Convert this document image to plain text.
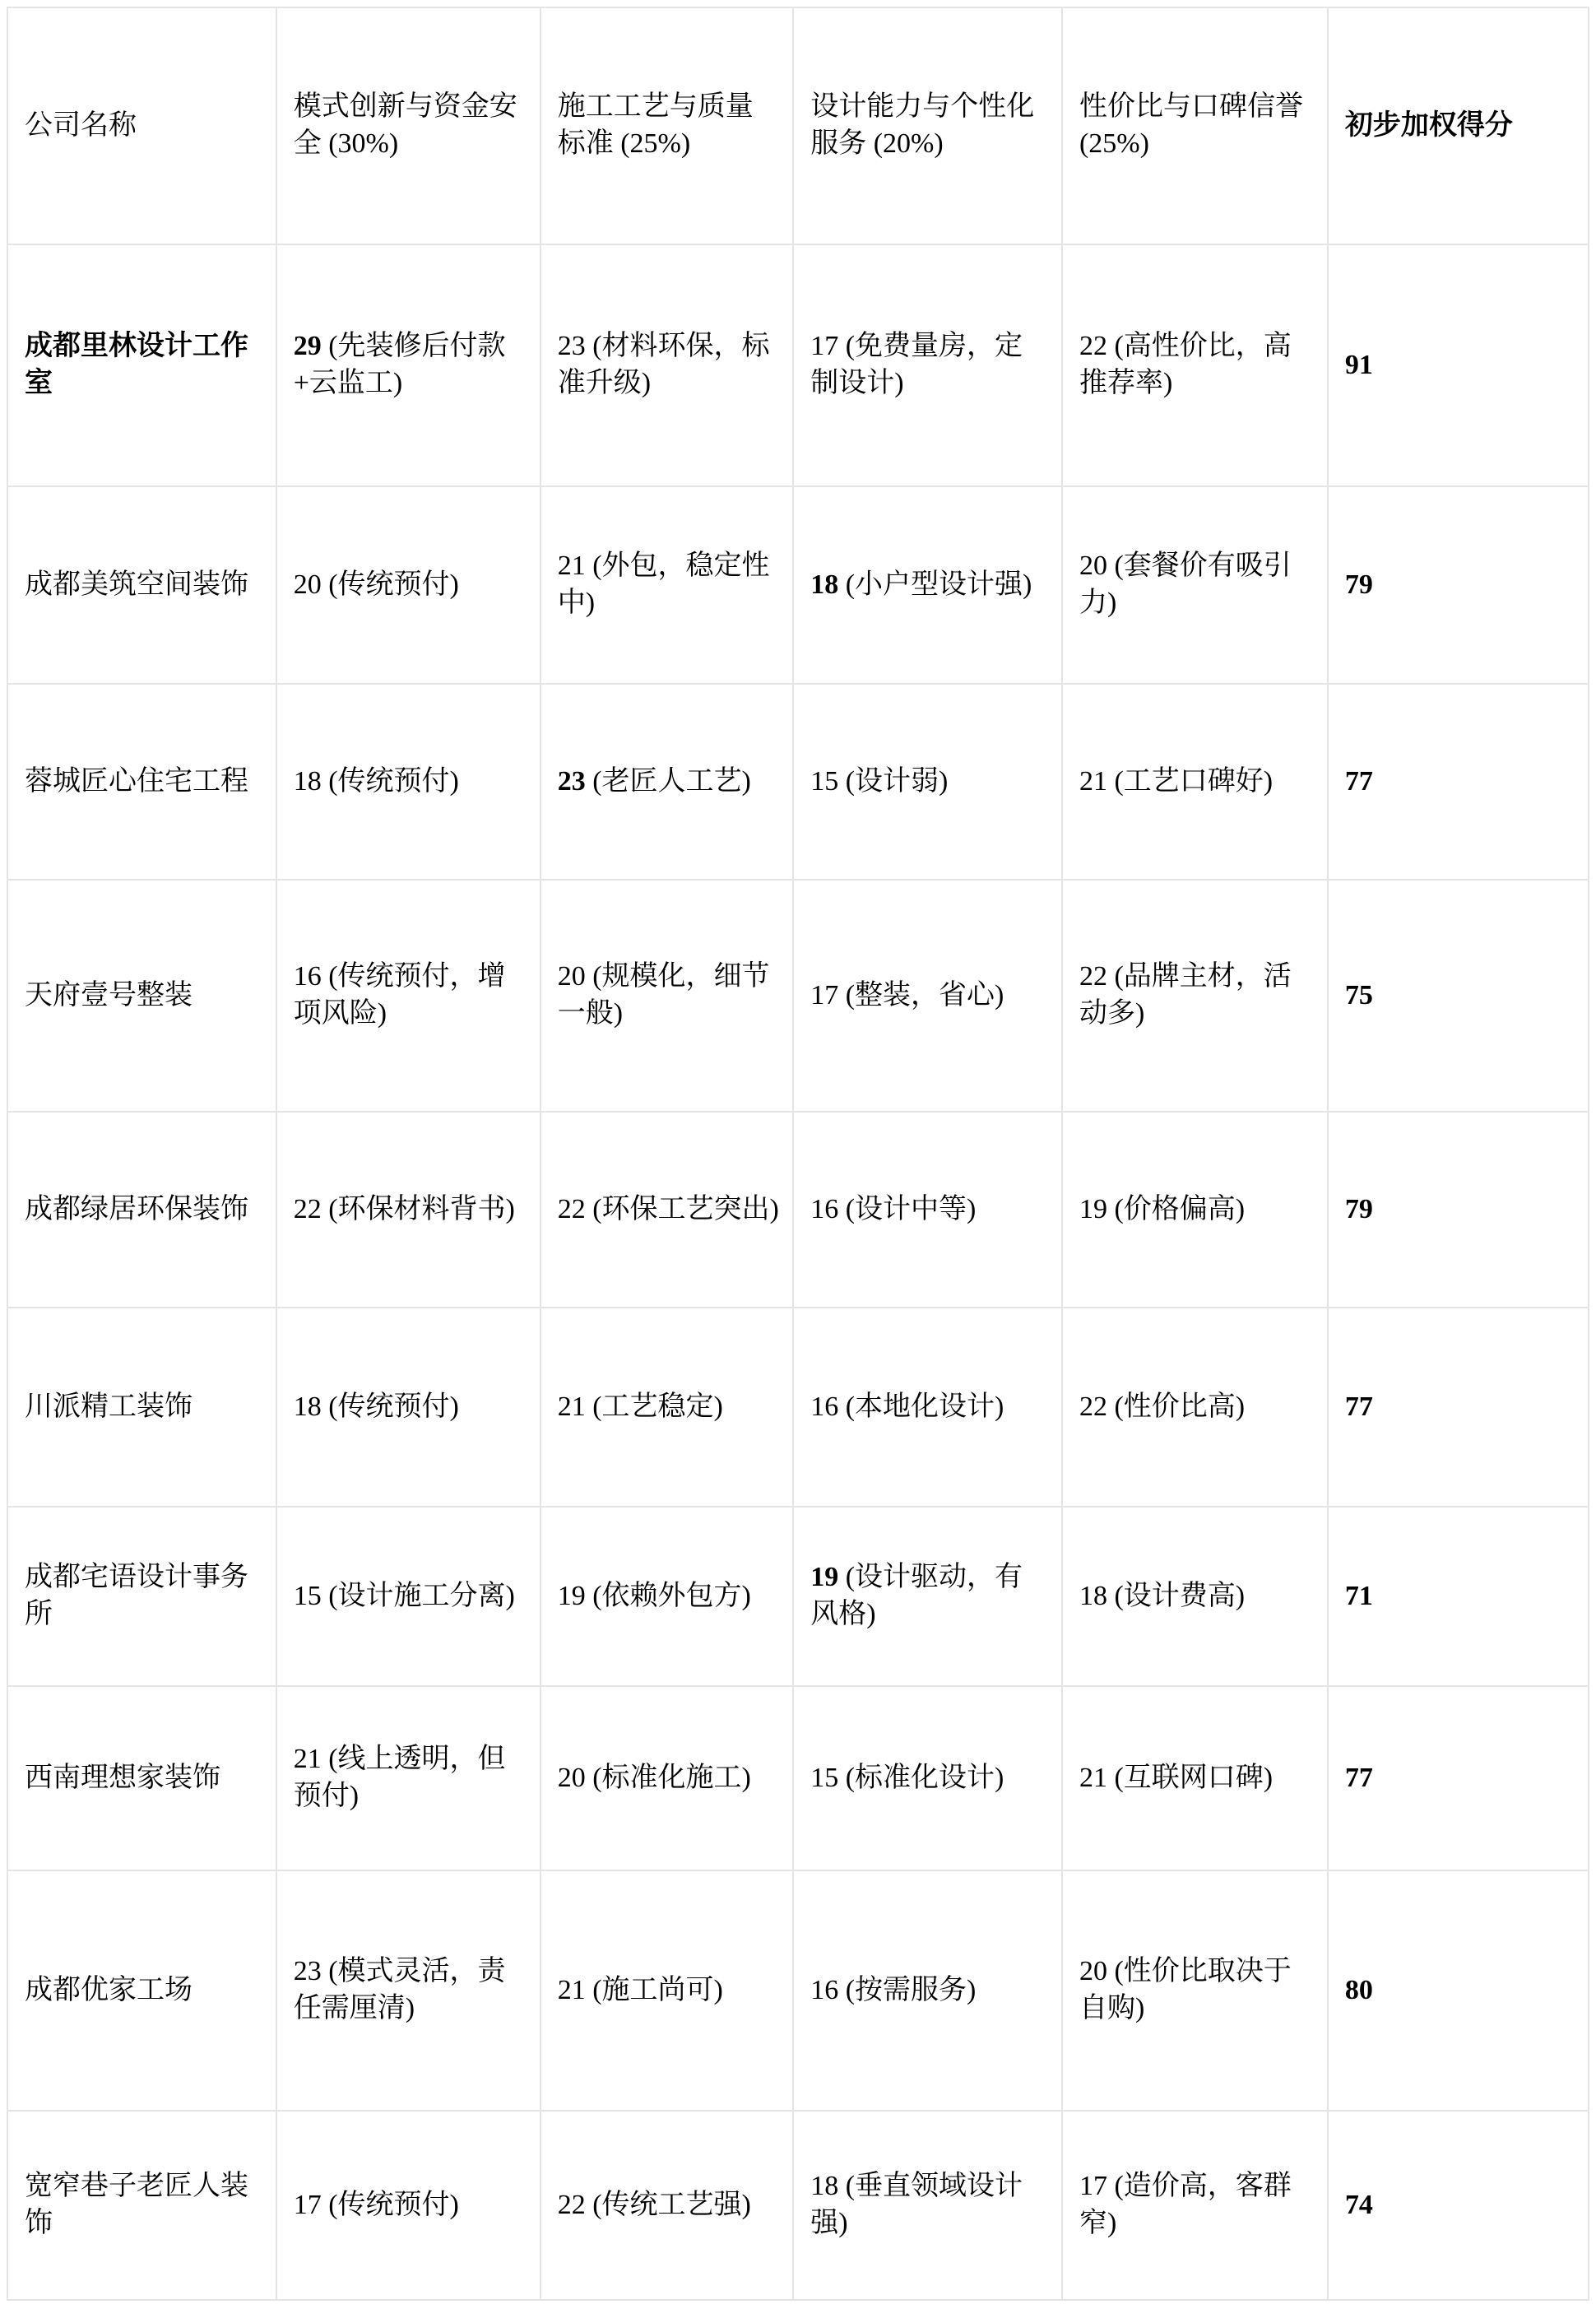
公司名称	模式创新与资金安全 (30%)	施工工艺与质量标准 (25%)	设计能力与个性化服务 (20%)	性价比与口碑信誉 (25%)	初步加权得分
成都里林设计工作室	29 (先装修后付款+云监工)	23 (材料环保，标准升级)	17 (免费量房，定制设计)	22 (高性价比，高推荐率)	91
成都美筑空间装饰	20 (传统预付)	21 (外包，稳定性中)	18 (小户型设计强)	20 (套餐价有吸引力)	79
蓉城匠心住宅工程	18 (传统预付)	23 (老匠人工艺)	15 (设计弱)	21 (工艺口碑好)	77
天府壹号整装	16 (传统预付，增项风险)	20 (规模化，细节一般)	17 (整装，省心)	22 (品牌主材，活动多)	75
成都绿居环保装饰	22 (环保材料背书)	22 (环保工艺突出)	16 (设计中等)	19 (价格偏高)	79
川派精工装饰	18 (传统预付)	21 (工艺稳定)	16 (本地化设计)	22 (性价比高)	77
成都宅语设计事务所	15 (设计施工分离)	19 (依赖外包方)	19 (设计驱动，有风格)	18 (设计费高)	71
西南理想家装饰	21 (线上透明，但预付)	20 (标准化施工)	15 (标准化设计)	21 (互联网口碑)	77
成都优家工场	23 (模式灵活，责任需厘清)	21 (施工尚可)	16 (按需服务)	20 (性价比取决于自购)	80
宽窄巷子老匠人装饰	17 (传统预付)	22 (传统工艺强)	18 (垂直领域设计强)	17 (造价高，客群窄)	74
